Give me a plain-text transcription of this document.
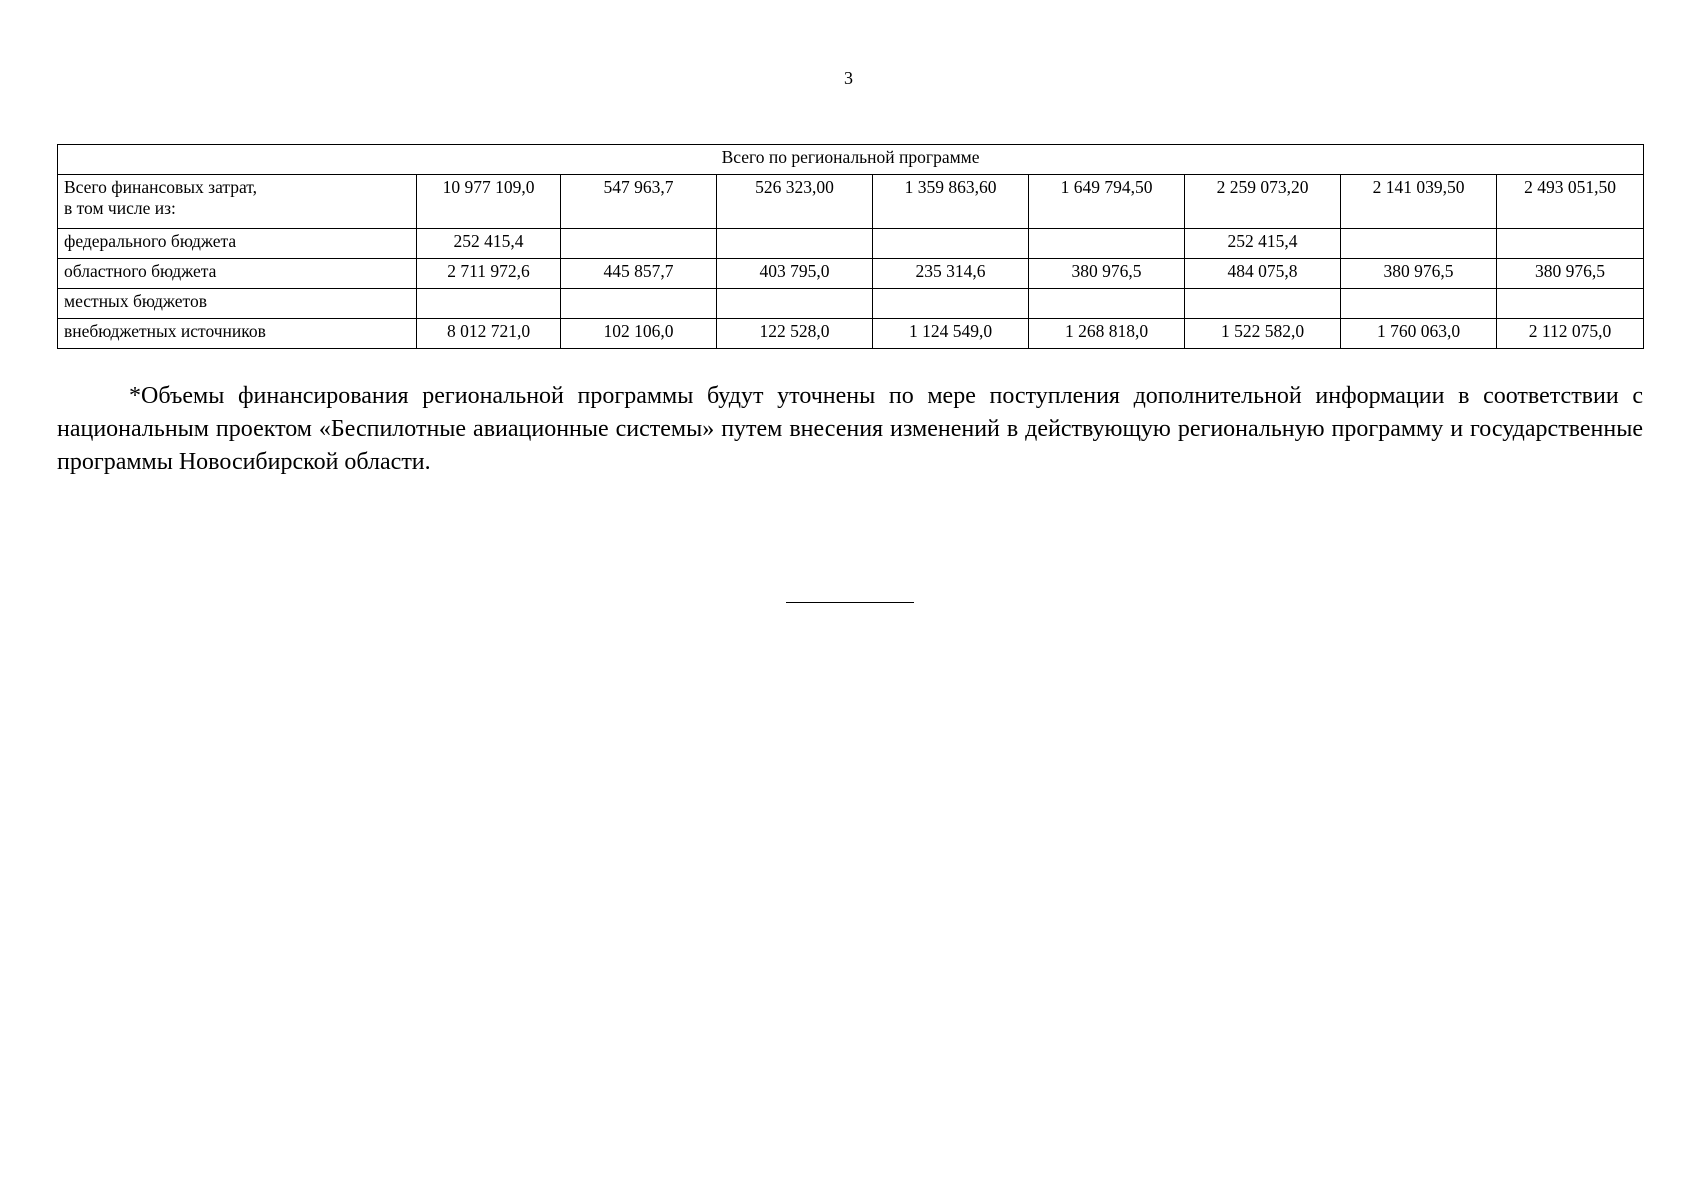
3
Всего по региональной программе								

Всего финансовых затрат,
в том числе из:	10 977 109,0	547 963,7	526 323,00	1 359 863,60	1 649 794,50	2 259 073,20	2 141 039,50	2 493 051,50

федерального бюджета	252 415,4					252 415,4		

областного бюджета	2 711 972,6	445 857,7	403 795,0	235 314,6	380 976,5	484 075,8	380 976,5	380 976,5

местных бюджетов								

внебюджетных источников	8 012 721,0	102 106,0	122 528,0	1 124 549,0	1 268 818,0	1 522 582,0	1 760 063,0	2 112 075,0
*Объемы финансирования региональной программы будут уточнены по мере поступления дополнительной информации в соответствии с национальным проектом «Беспилотные авиационные системы» путем внесения изменений в действующую региональную программу и государственные программы Новосибирской области.
